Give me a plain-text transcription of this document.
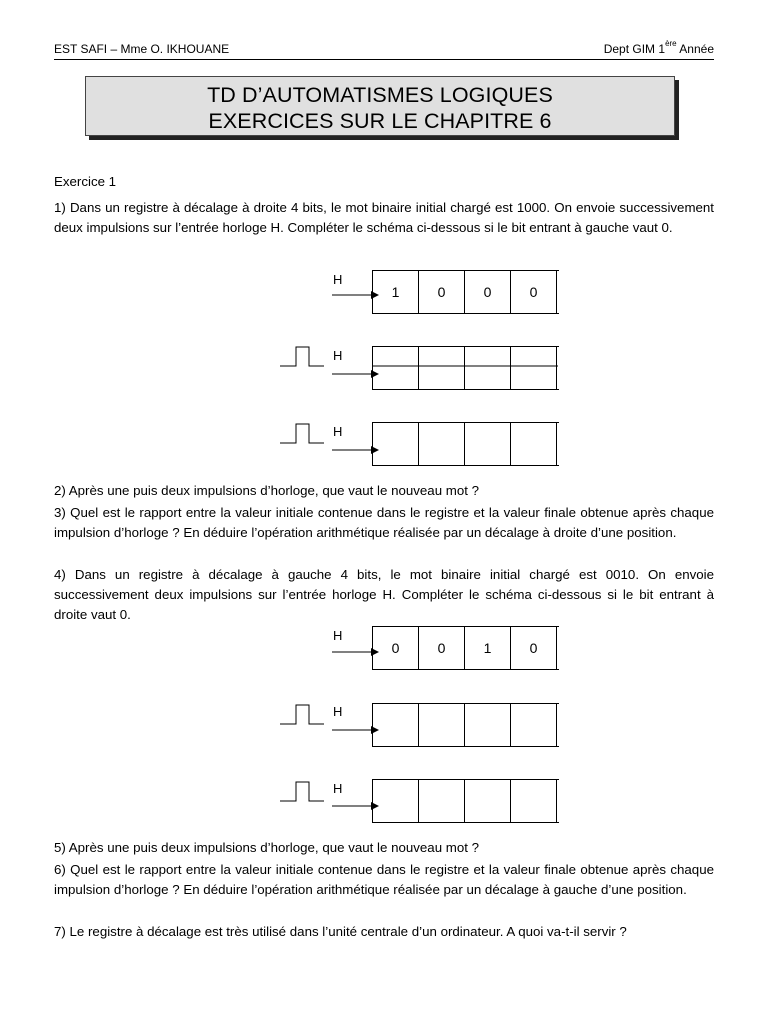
EST SAFI – Mme O. IKHOUANE	Dept GIM 1ère Année
TD D’AUTOMATISMES LOGIQUES
EXERCICES SUR LE CHAPITRE 6
Exercice 1
1) Dans un registre à décalage à droite 4 bits, le mot binaire initial chargé est 1000. On envoie successivement deux impulsions sur l’entrée horloge H. Compléter le schéma ci-dessous si le bit entrant à gauche vaut 0.
H
1	0	0	0
H
H
2) Après une puis deux impulsions d’horloge, que vaut le nouveau mot ?
3) Quel est le rapport entre la valeur initiale contenue dans le registre et la valeur finale obtenue après chaque impulsion d’horloge ? En déduire l’opération arithmétique réalisée par un décalage à droite d’une position.
4) Dans un registre à décalage à gauche 4 bits, le mot binaire initial chargé est 0010. On envoie successivement deux impulsions sur l’entrée horloge H. Compléter le schéma ci-dessous si le bit entrant à droite vaut 0.
H
0	0	1	0
H
H
5) Après une puis deux impulsions d’horloge, que vaut le nouveau mot ?
6) Quel est le rapport entre la valeur initiale contenue dans le registre et la valeur finale obtenue après chaque impulsion d’horloge ? En déduire l’opération arithmétique réalisée par un décalage à gauche d’une position.
7) Le registre à décalage est très utilisé dans l’unité centrale d’un ordinateur. A quoi va-t-il servir ?
